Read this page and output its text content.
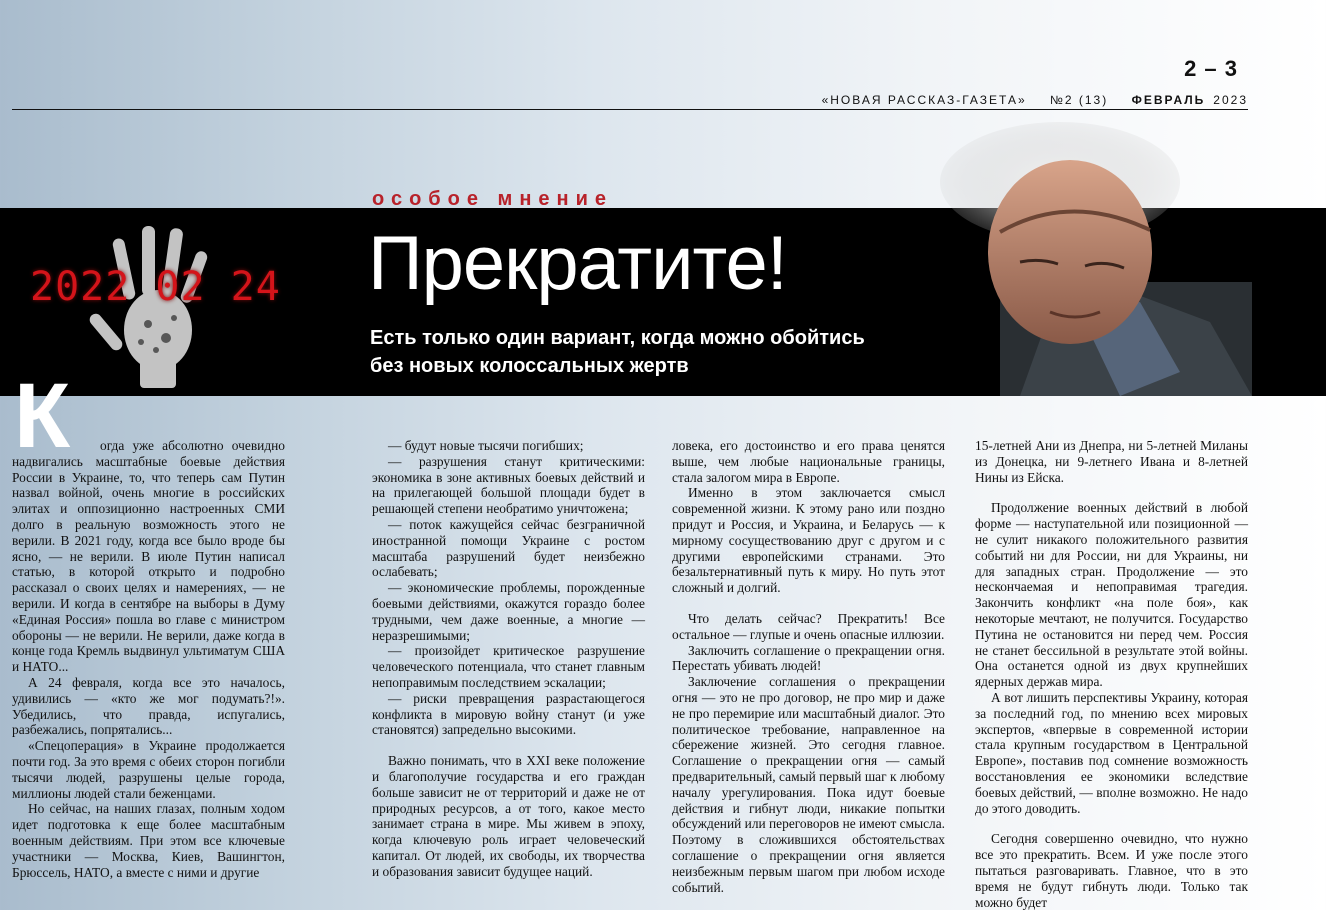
2 – 3
«НОВАЯ РАССКАЗ-ГАЗЕТА» №2 (13) ФЕВРАЛЬ 2023
2022 02 24
особое мнение
Прекратите!

Есть только один вариант, когда можно обойтись без новых колоссальных жертв

К	огда уже абсолютно очевидно надвигались масштабные боевые действия России в Украине, то, что теперь сам Путин назвал войной, очень многие в российских элитах и оппозиционно настроенных СМИ долго в реальную возможность этого не верили. В 2021 году, когда все было вроде бы ясно, — не верили. В июле Путин написал статью, в которой открыто и подробно рассказал о своих целях и намерениях, — не верили. И когда в сентябре на выборы в Думу «Единая Россия» пошла во главе с министром обороны — не верили. Не верили, даже когда в конце года Кремль выдвинул ультиматум США и НАТО...

А 24 февраля, когда все это началось, удивились — «кто же мог подумать?!». Убедились, что правда, испугались, разбежались, попрятались...

«Спецоперация» в Украине продолжается почти год. За это время с обеих сторон погибли тысячи людей, разрушены целые города, миллионы людей стали беженцами.

Но сейчас, на наших глазах, полным ходом идет подготовка к еще более масштабным военным действиям. При этом все ключевые участники — Москва, Киев, Вашингтон, Брюссель, НАТО, а вместе с ними и другие

— будут новые тысячи погибших;

— разрушения станут критическими: экономика в зоне активных боевых действий и на прилегающей большой площади будет в решающей степени необратимо уничтожена;

— поток кажущейся сейчас безграничной иностранной помощи Украине с ростом масштаба разрушений будет неизбежно ослабевать;

— экономические проблемы, порожденные боевыми действиями, окажутся гораздо более трудными, чем даже военные, а многие — неразрешимыми;

— произойдет критическое разрушение человеческого потенциала, что станет главным непоправимым последствием эскалации;

— риски превращения разрастающегося конфликта в мировую войну станут (и уже становятся) запредельно высокими.

Важно понимать, что в XXI веке положение и благополучие государства и его граждан больше зависит не от территорий и даже не от природных ресурсов, а от того, какое место занимает страна в мире. Мы живем в эпоху, когда ключевую роль играет человеческий капитал. От людей, их свободы, их творчества и образования зависит будущее наций.

ловека, его достоинство и его права ценятся выше, чем любые национальные границы, стала залогом мира в Европе.

Именно в этом заключается смысл современной жизни. К этому рано или поздно придут и Россия, и Украина, и Беларусь — к мирному сосуществованию друг с другом и с другими европейскими странами. Это безальтернативный путь к миру. Но путь этот сложный и долгий.

Что делать сейчас? Прекратить! Все остальное — глупые и очень опасные иллюзии.

Заключить соглашение о прекращении огня. Перестать убивать людей!

Заключение соглашения о прекращении огня — это не про договор, не про мир и даже не про перемирие или масштабный диалог. Это политическое требование, направленное на сбережение жизней. Это сегодня главное. Соглашение о прекращении огня — самый предварительный, самый первый шаг к любому началу урегулирования. Пока идут боевые действия и гибнут люди, никакие попытки обсуждений или переговоров не имеют смысла. Поэтому в сложившихся обстоятельствах соглашение о прекращении огня является неизбежным первым шагом при любом исходе событий.

15-летней Ани из Днепра, ни 5-летней Миланы из Донецка, ни 9-летнего Ивана и 8-летней Нины из Ейска.

Продолжение военных действий в любой форме — наступательной или позиционной — не сулит никакого положительного развития событий ни для России, ни для Украины, ни для западных стран. Продолжение — это нескончаемая и непоправимая трагедия. Закончить конфликт «на поле боя», как некоторые мечтают, не получится. Государство Путина не остановится ни перед чем. Россия не станет бессильной в результате этой войны. Она останется одной из двух крупнейших ядерных держав мира.

А вот лишить перспективы Украину, которая за последний год, по мнению всех мировых экспертов, «впервые в современной истории стала крупным государством в Центральной Европе», поставив под сомнение возможность восстановления ее экономики вследствие боевых действий, — вполне возможно. Не надо до этого доводить.

Сегодня совершенно очевидно, что нужно все это прекратить. Всем. И уже после этого пытаться разговаривать. Главное, что в это время не будут гибнуть люди. Только так можно будет
